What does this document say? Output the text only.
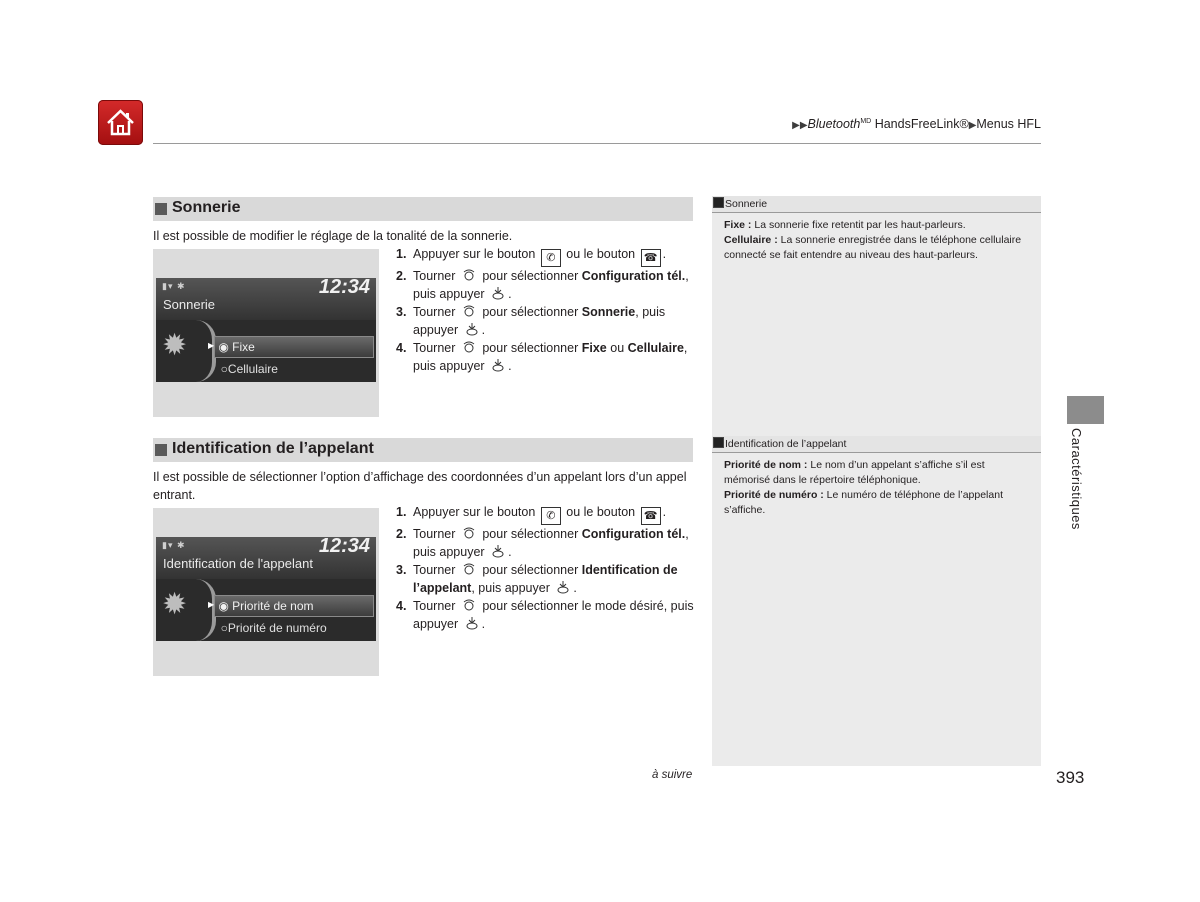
▶▶Bluetooth$^{MD}$ HandsFreeLink®▶Menus HFL
Sonnerie
Il est possible de modifier le réglage de la tonalité de la sonnerie.
▮▾ ✱	12:34
Sonnerie
✹	▶ ◉ Fixe
○Cellulaire
1. Appuyer sur le bouton ✆ ou le bouton ☎ .
2. Tourner pour sélectionner Configuration tél., puis appuyer .
3. Tourner pour sélectionner Sonnerie, puis appuyer .
4. Tourner pour sélectionner Fixe ou Cellulaire, puis appuyer .
Identification de l’appelant
Il est possible de sélectionner l’option d’affichage des coordonnées d’un appelant lors d’un appel entrant.
▮▾ ✱	12:34
Identification de l'appelant
✹	▶ ◉ Priorité de nom
○Priorité de numéro
1. Appuyer sur le bouton ✆ ou le bouton ☎ .
2. Tourner pour sélectionner Configuration tél., puis appuyer .
3. Tourner pour sélectionner Identification de l’appelant, puis appuyer .
4. Tourner pour sélectionner le mode désiré, puis appuyer .
Sonnerie
Fixe : La sonnerie fixe retentit par les haut-parleurs.
Cellulaire : La sonnerie enregistrée dans le téléphone cellulaire connecté se fait entendre au niveau des haut-parleurs.
Identification de l’appelant
Priorité de nom : Le nom d’un appelant s’affiche s’il est mémorisé dans le répertoire téléphonique.
Priorité de numéro : Le numéro de téléphone de l’appelant s’affiche.	Caractéristiques
à suivre	393
